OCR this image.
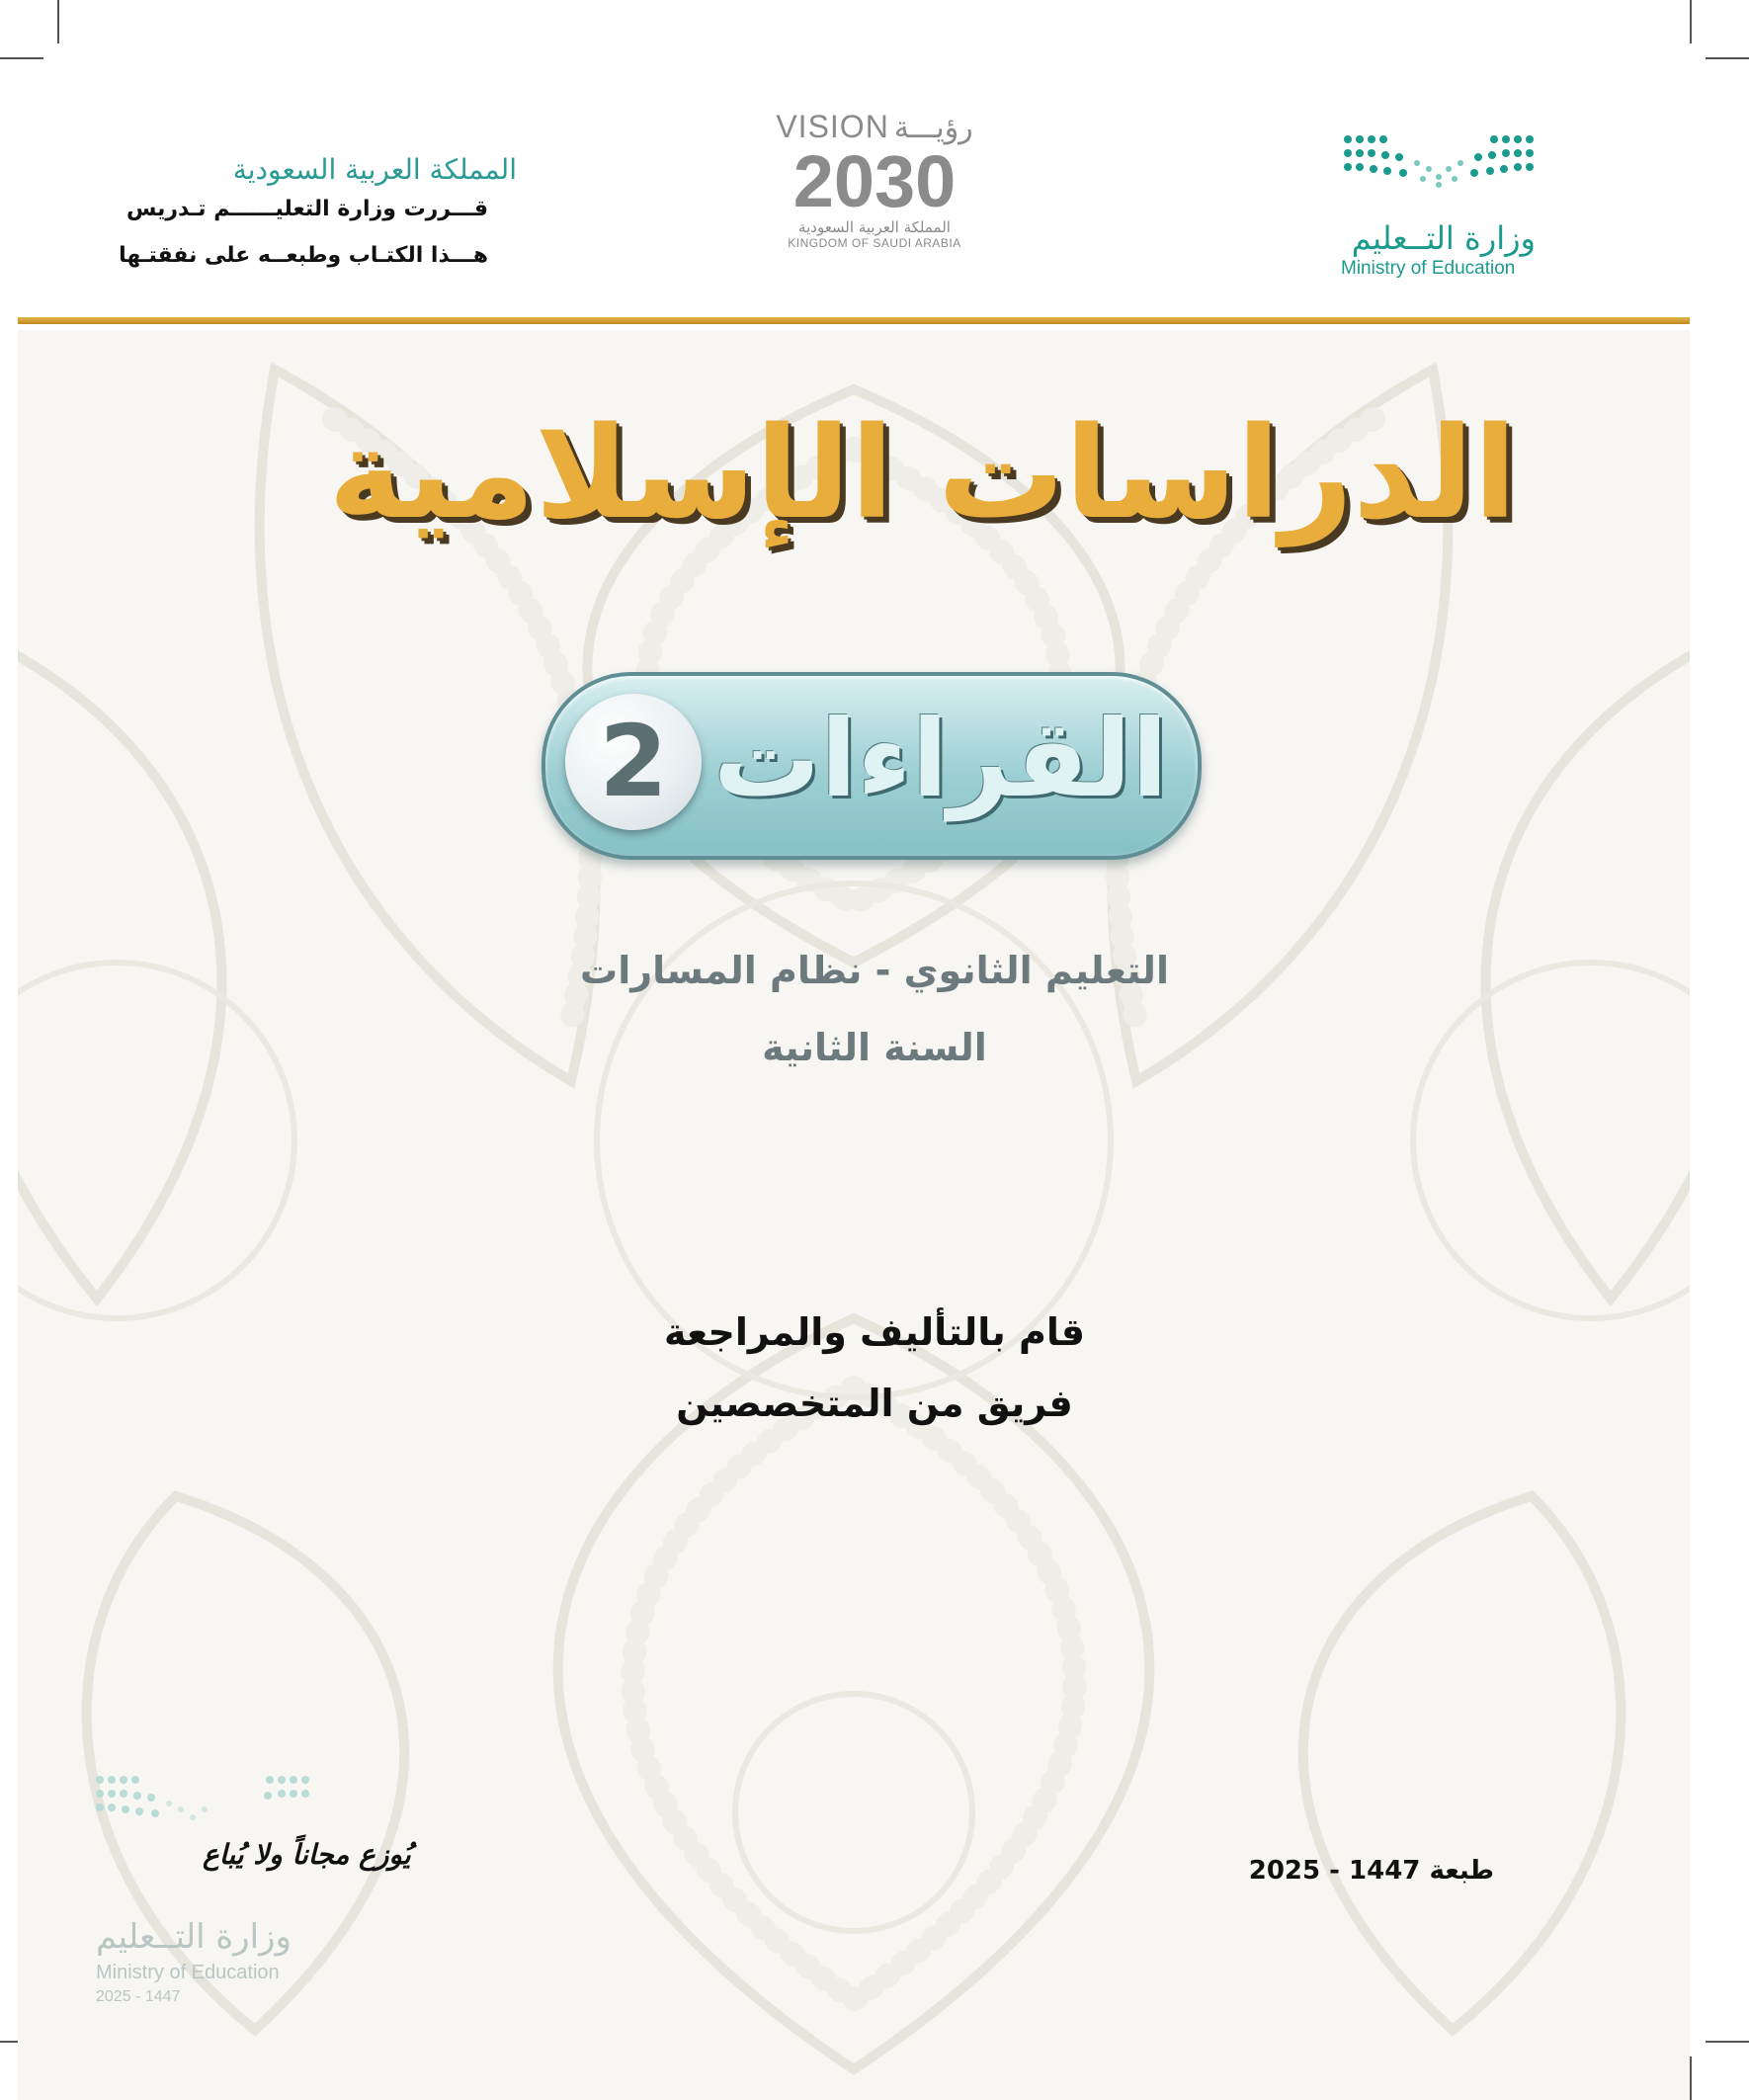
المملكة العربية السعودية
قـــررت وزارة التعليــــــم تـدريس
هـــذا الكتـاب وطبعــه على نفقتـها
VISION رؤيـــة
2030
المملكة العربية السعودية
KINGDOM OF SAUDI ARABIA	وزارة التــعليم
Ministry of Education
الدراسات الإسلامية
القراءات
2
التعليم الثانوي - نظام المسارات
السنة الثانية
قام بالتأليف والمراجعة
فريق من المتخصصين
طبعة 1447 - 2025
يُوزع مجاناً ولا يُباع
وزارة التــعليم
Ministry of Education
2025 - 1447
